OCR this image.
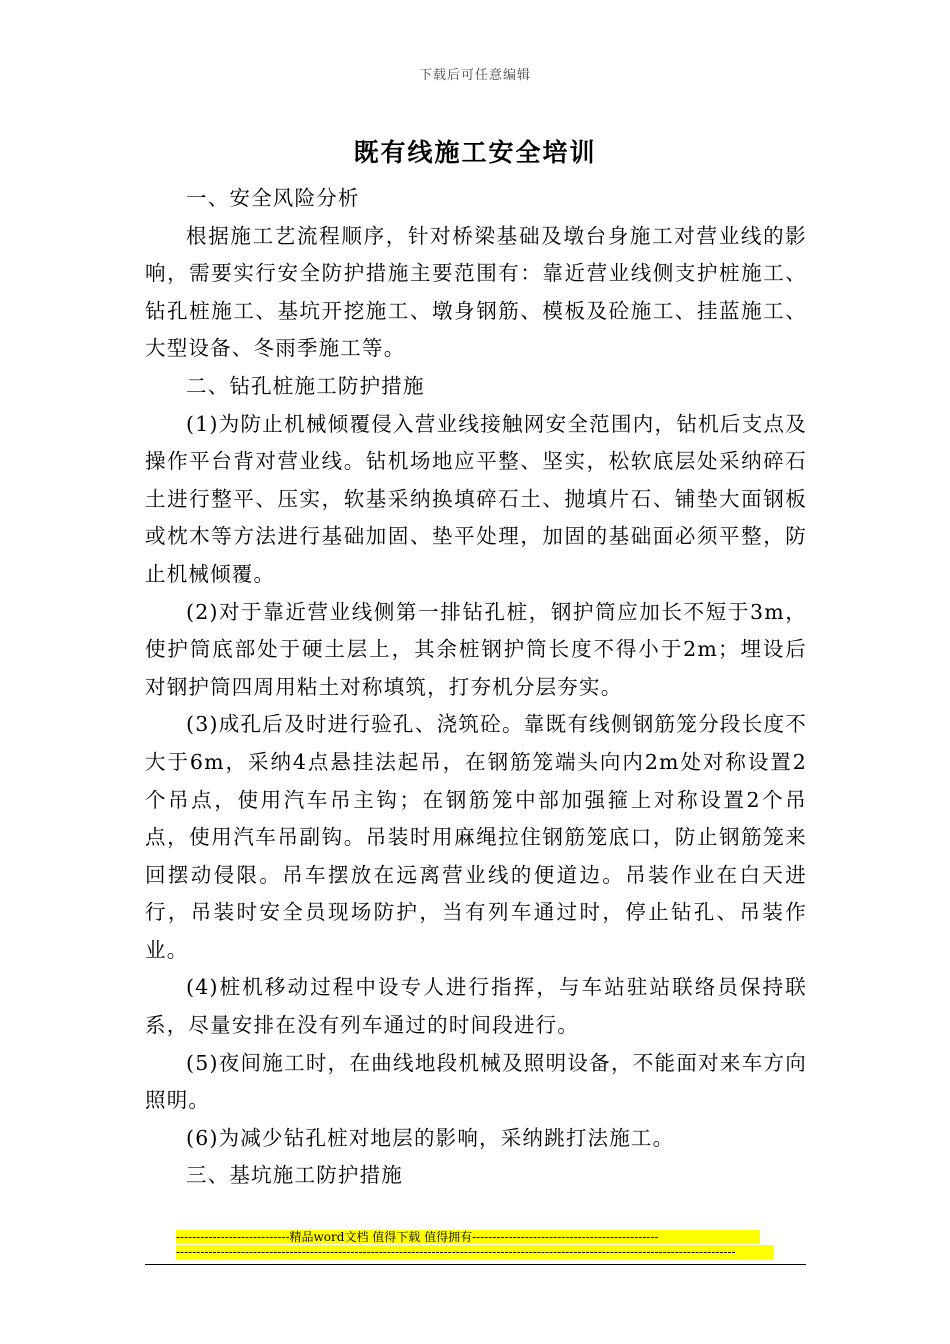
下载后可任意编辑
既有线施工安全培训

一、安全风险分析

根据施工艺流程顺序，针对桥梁基础及墩台身施工对营业线的影响，需要实行安全防护措施主要范围有：靠近营业线侧支护桩施工、钻孔桩施工、基坑开挖施工、墩身钢筋、模板及砼施工、挂蓝施工、大型设备、冬雨季施工等。

二、钻孔桩施工防护措施

(1)为防止机械倾覆侵入营业线接触网安全范围内，钻机后支点及操作平台背对营业线。钻机场地应平整、坚实，松软底层处采纳碎石土进行整平、压实，软基采纳换填碎石土、抛填片石、铺垫大面钢板或枕木等方法进行基础加固、垫平处理，加固的基础面必须平整，防止机械倾覆。

(2)对于靠近营业线侧第一排钻孔桩，钢护筒应加长不短于3m，使护筒底部处于硬土层上，其余桩钢护筒长度不得小于2m；埋设后对钢护筒四周用粘土对称填筑，打夯机分层夯实。

(3)成孔后及时进行验孔、浇筑砼。靠既有线侧钢筋笼分段长度不大于6m，采纳4点悬挂法起吊，在钢筋笼端头向内2m处对称设置2个吊点，使用汽车吊主钩；在钢筋笼中部加强箍上对称设置2个吊点，使用汽车吊副钩。吊装时用麻绳拉住钢筋笼底口，防止钢筋笼来回摆动侵限。吊车摆放在远离营业线的便道边。吊装作业在白天进行，吊装时安全员现场防护，当有列车通过时，停止钻孔、吊装作业。

(4)桩机移动过程中设专人进行指挥，与车站驻站联络员保持联系，尽量安排在没有列车通过的时间段进行。

(5)夜间施工时，在曲线地段机械及照明设备，不能面对来车方向照明。

(6)为减少钻孔桩对地层的影响，采纳跳打法施工。

三、基坑施工防护措施

----------------------------精品word文档 值得下载 值得拥有----------------------------------------------
------------------------------------------------------------------------------------------------------------------------------------------
